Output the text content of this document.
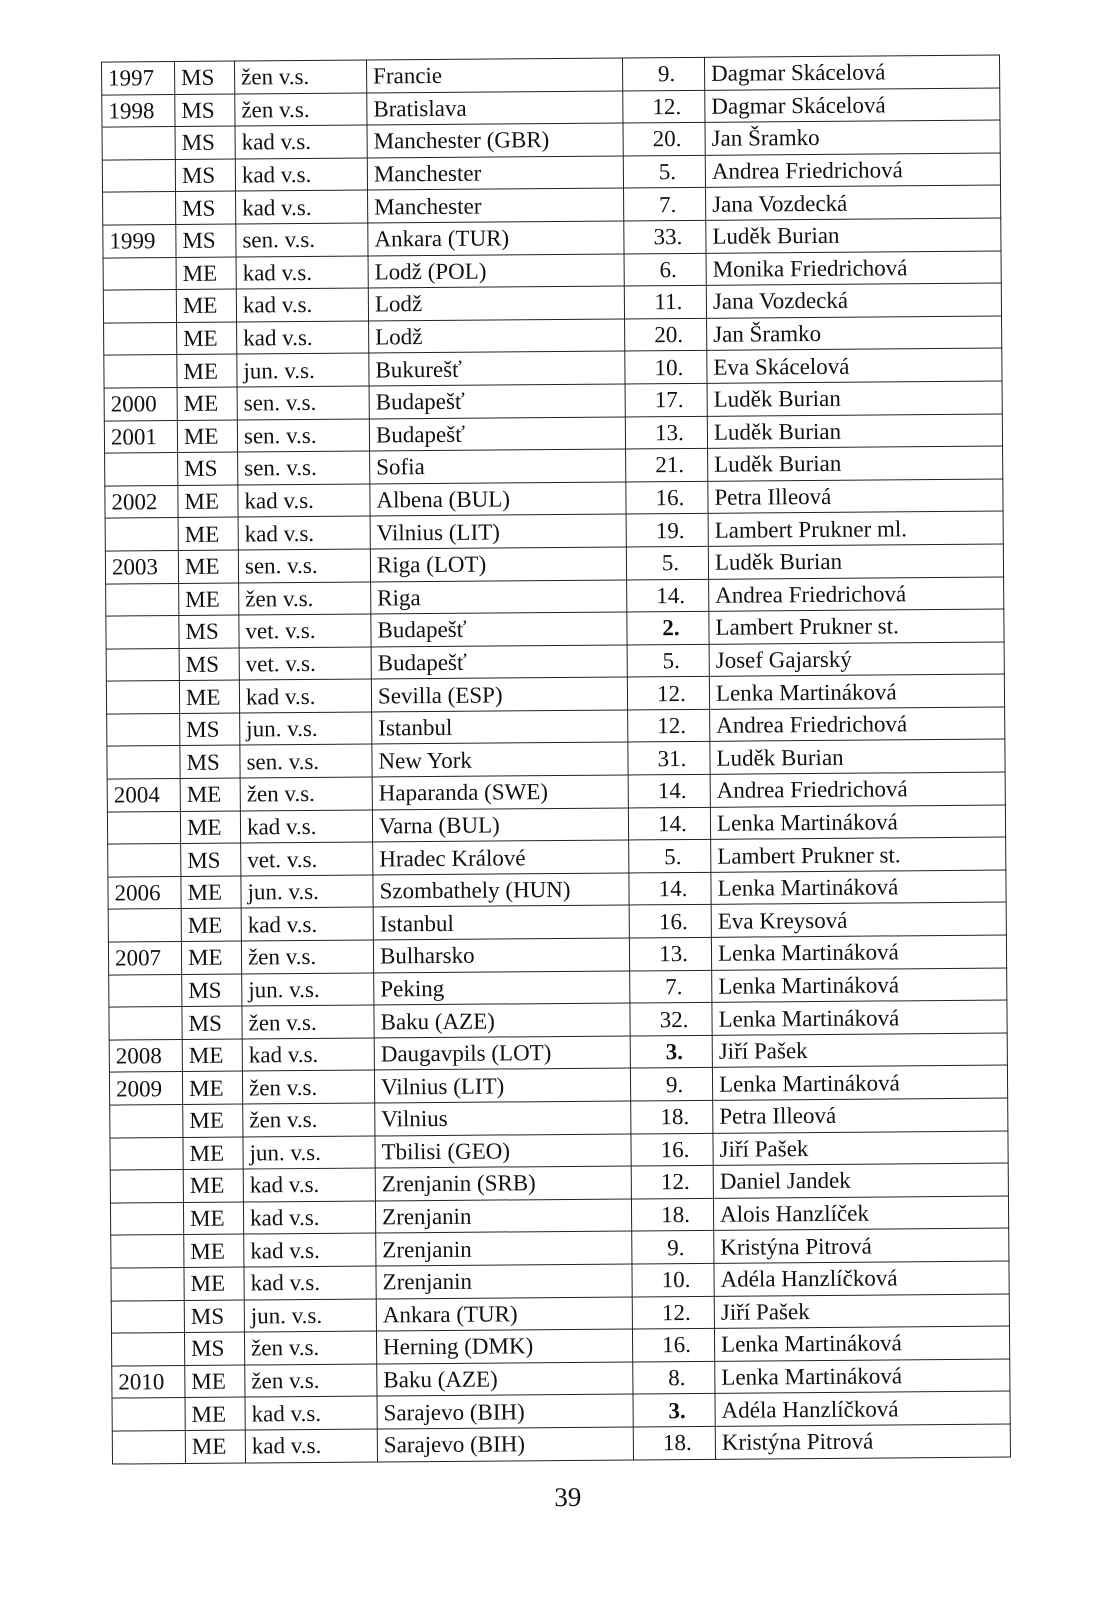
1997	MS	žen v.s.	Francie	9.	Dagmar Skácelová
1998	MS	žen v.s.	Bratislava	12.	Dagmar Skácelová
	MS	kad v.s.	Manchester (GBR)	20.	Jan Šramko
	MS	kad v.s.	Manchester	5.	Andrea Friedrichová
	MS	kad v.s.	Manchester	7.	Jana Vozdecká
1999	MS	sen. v.s.	Ankara (TUR)	33.	Luděk Burian
	ME	kad v.s.	Lodž (POL)	6.	Monika Friedrichová
	ME	kad v.s.	Lodž	11.	Jana Vozdecká
	ME	kad v.s.	Lodž	20.	Jan Šramko
	ME	jun. v.s.	Bukurešť	10.	Eva Skácelová
2000	ME	sen. v.s.	Budapešť	17.	Luděk Burian
2001	ME	sen. v.s.	Budapešť	13.	Luděk Burian
	MS	sen. v.s.	Sofia	21.	Luděk Burian
2002	ME	kad v.s.	Albena (BUL)	16.	Petra Illeová
	ME	kad v.s.	Vilnius (LIT)	19.	Lambert Prukner ml.
2003	ME	sen. v.s.	Riga (LOT)	5.	Luděk Burian
	ME	žen v.s.	Riga	14.	Andrea Friedrichová
	MS	vet. v.s.	Budapešť	2.	Lambert Prukner st.
	MS	vet. v.s.	Budapešť	5.	Josef Gajarský
	ME	kad v.s.	Sevilla (ESP)	12.	Lenka Martináková
	MS	jun. v.s.	Istanbul	12.	Andrea Friedrichová
	MS	sen. v.s.	New York	31.	Luděk Burian
2004	ME	žen v.s.	Haparanda (SWE)	14.	Andrea Friedrichová
	ME	kad v.s.	Varna (BUL)	14.	Lenka Martináková
	MS	vet. v.s.	Hradec Králové	5.	Lambert Prukner st.
2006	ME	jun. v.s.	Szombathely (HUN)	14.	Lenka Martináková
	ME	kad v.s.	Istanbul	16.	Eva Kreysová
2007	ME	žen v.s.	Bulharsko	13.	Lenka Martináková
	MS	jun. v.s.	Peking	7.	Lenka Martináková
	MS	žen v.s.	Baku (AZE)	32.	Lenka Martináková
2008	ME	kad v.s.	Daugavpils (LOT)	3.	Jiří Pašek
2009	ME	žen v.s.	Vilnius (LIT)	9.	Lenka Martináková
	ME	žen v.s.	Vilnius	18.	Petra Illeová
	ME	jun. v.s.	Tbilisi (GEO)	16.	Jiří Pašek
	ME	kad v.s.	Zrenjanin (SRB)	12.	Daniel Jandek
	ME	kad v.s.	Zrenjanin	18.	Alois Hanzlíček
	ME	kad v.s.	Zrenjanin	9.	Kristýna Pitrová
	ME	kad v.s.	Zrenjanin	10.	Adéla Hanzlíčková
	MS	jun. v.s.	Ankara (TUR)	12.	Jiří Pašek
	MS	žen v.s.	Herning (DMK)	16.	Lenka Martináková
2010	ME	žen v.s.	Baku (AZE)	8.	Lenka Martináková
	ME	kad v.s.	Sarajevo (BIH)	3.	Adéla Hanzlíčková
	ME	kad v.s.	Sarajevo (BIH)	18.	Kristýna Pitrová
39
